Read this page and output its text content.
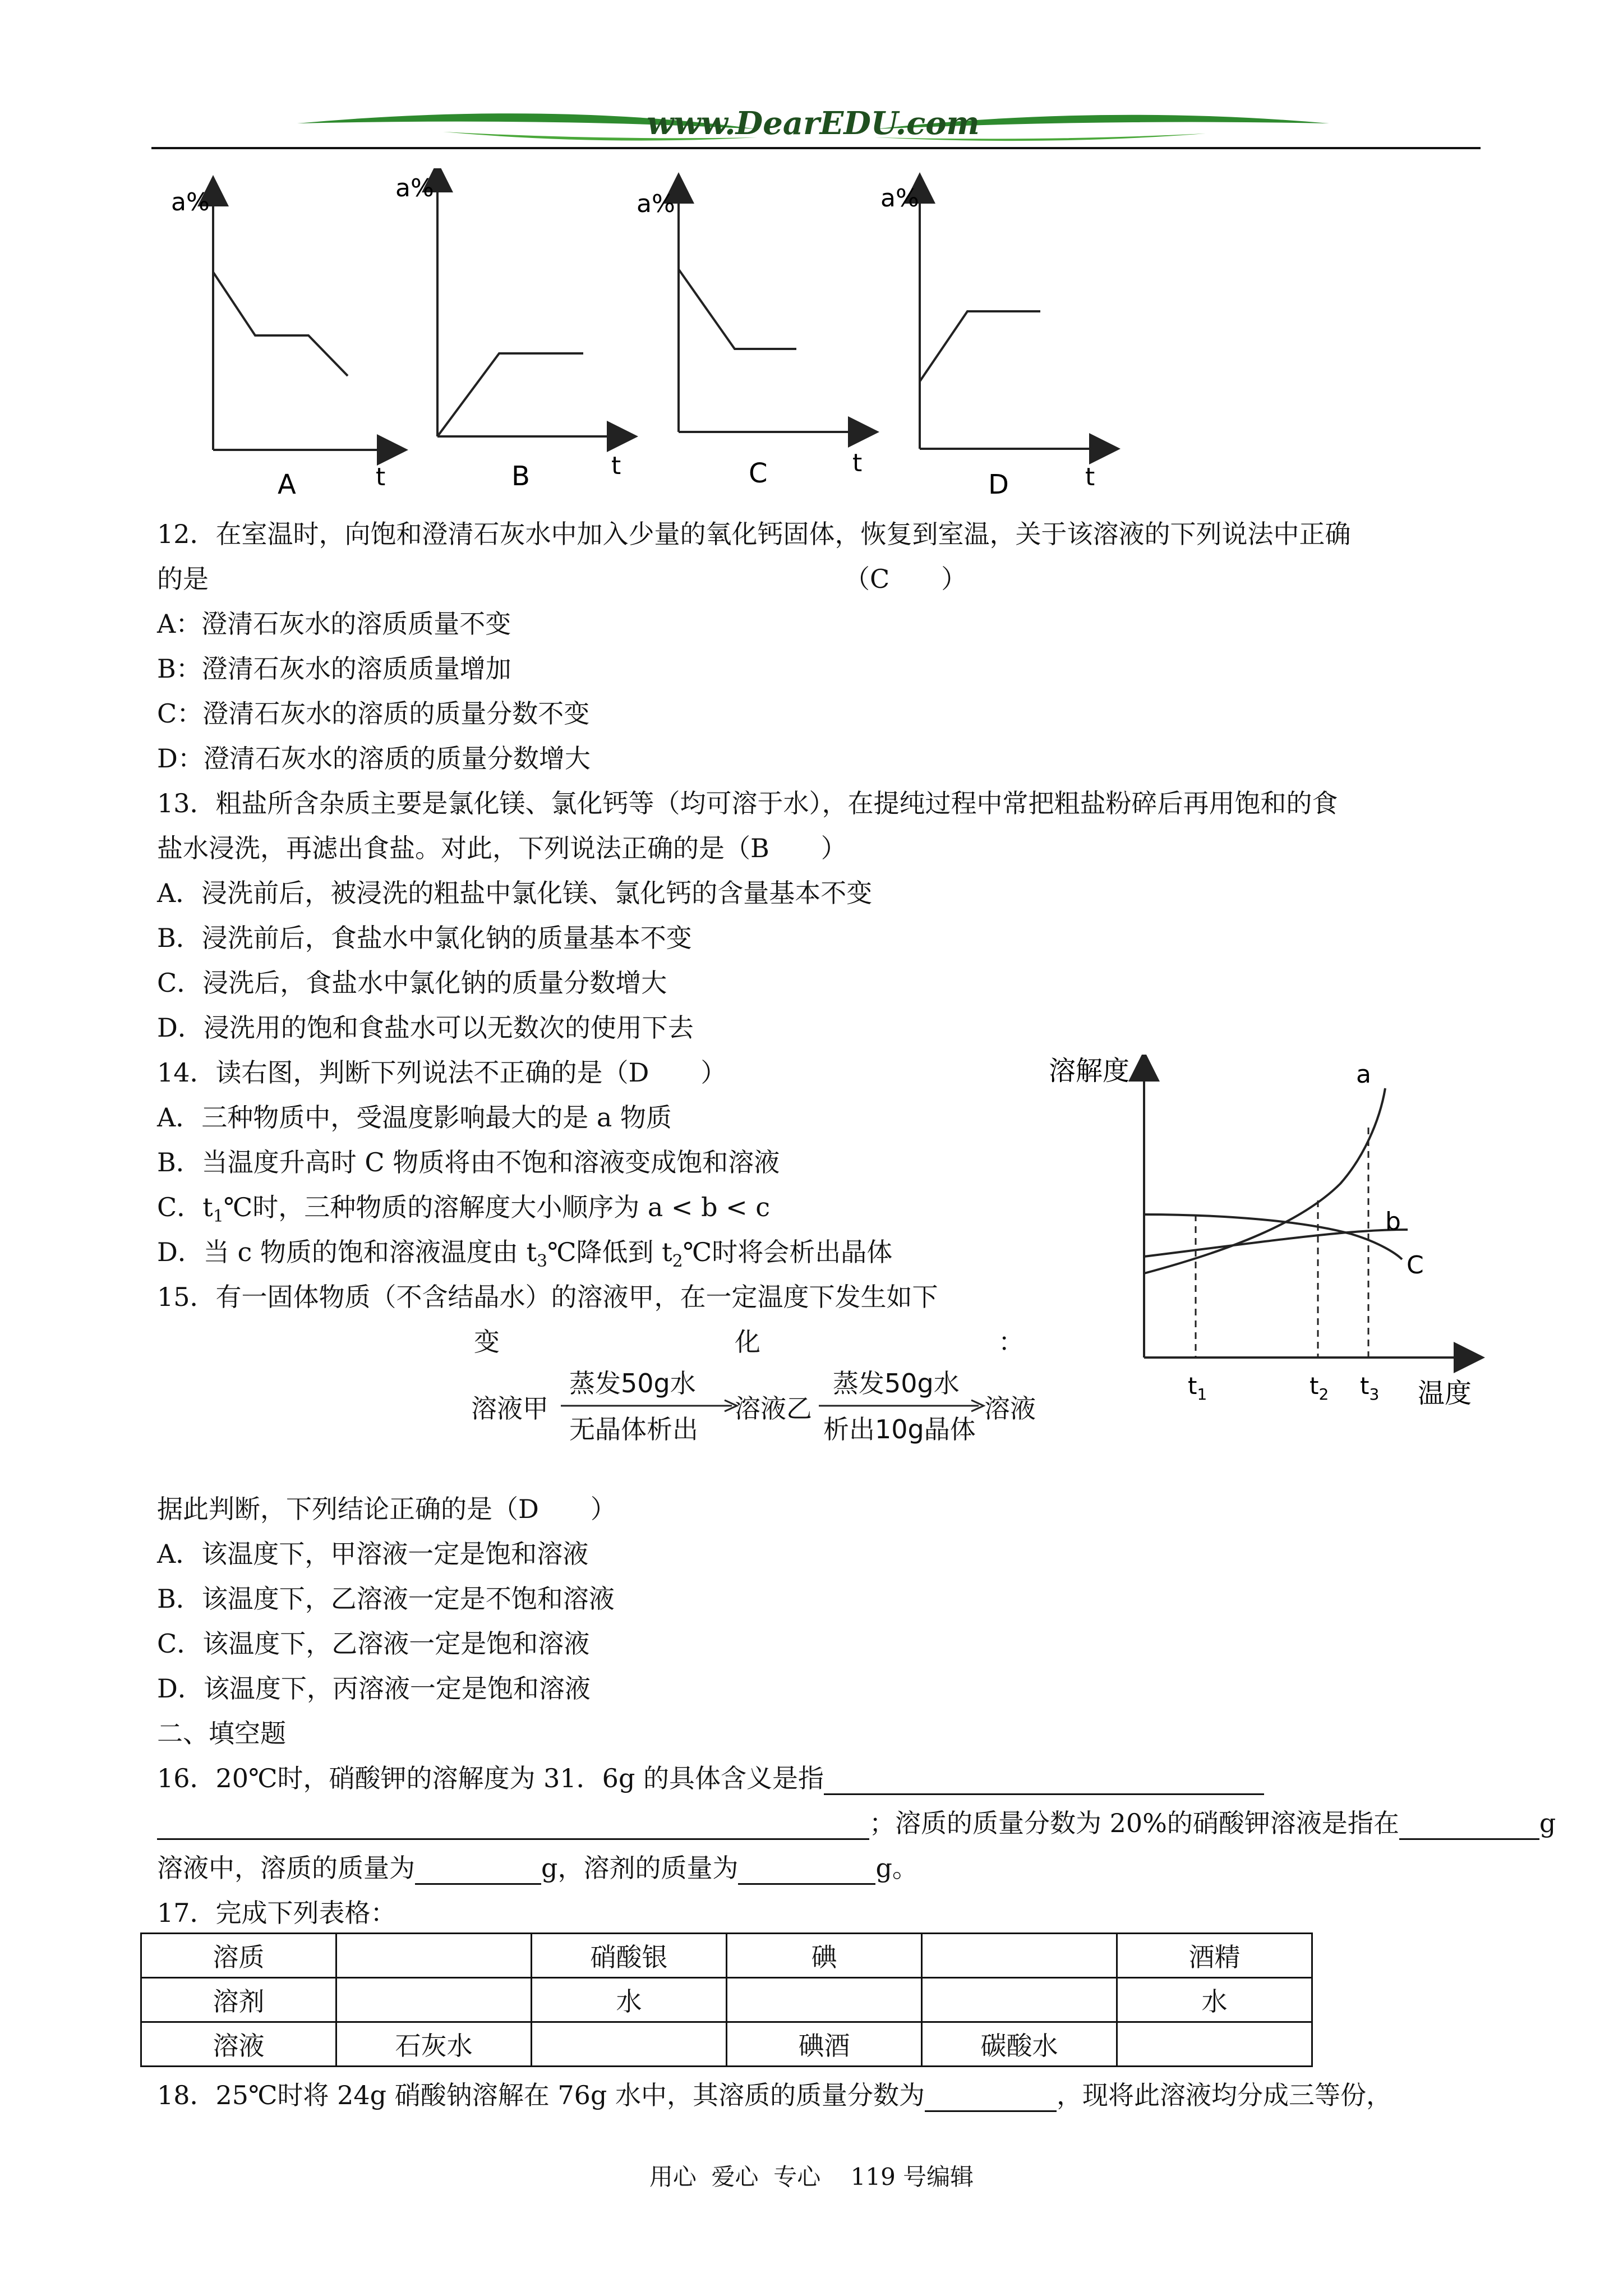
www.DearEDU.com
a%
t
A
a%
t
B
a%
t
C
a%
t
D
12．在室温时，向饱和澄清石灰水中加入少量的氧化钙固体，恢复到室温，关于该溶液的下列说法中正确
的是	（C　　）
A：澄清石灰水的溶质质量不变
B：澄清石灰水的溶质质量增加
C：澄清石灰水的溶质的质量分数不变
D：澄清石灰水的溶质的质量分数增大
13．粗盐所含杂质主要是氯化镁、氯化钙等（均可溶于水），在提纯过程中常把粗盐粉碎后再用饱和的食
盐水浸洗，再滤出食盐。对此，下列说法正确的是（B　　）
A．浸洗前后，被浸洗的粗盐中氯化镁、氯化钙的含量基本不变
B．浸洗前后，食盐水中氯化钠的质量基本不变
C．浸洗后，食盐水中氯化钠的质量分数增大
D．浸洗用的饱和食盐水可以无数次的使用下去
14．读右图，判断下列说法不正确的是（D　　）
A．三种物质中，受温度影响最大的是 a 物质
B．当温度升高时 C 物质将由不饱和溶液变成饱和溶液
C．$t_1℃$时，三种物质的溶解度大小顺序为 a < b < c
D．当 c 物质的饱和溶液温度由 $t_3℃$降低到 $t_2℃$时将会析出晶体
溶解度
温度
a
b
C
$t_1$	$t_2$ $t_3$
15．有一固体物质（不含结晶水）的溶液甲，在一定温度下发生如下
变	化	：
溶液甲
蒸发50g水
无晶体析出
溶液乙
蒸发50g水
析出10g晶体
溶液
据此判断，下列结论正确的是（D　　）
A．该温度下，甲溶液一定是饱和溶液
B．该温度下，乙溶液一定是不饱和溶液
C．该温度下，乙溶液一定是饱和溶液
D．该温度下，丙溶液一定是饱和溶液
二、填空题
16．20℃时，硝酸钾的溶解度为 31．6g 的具体含义是指
；溶质的质量分数为 20%的硝酸钾溶液是指在	g
溶液中，溶质的质量为	g，溶剂的质量为	g。
17．完成下列表格：
溶质		硝酸银	碘		酒精
溶剂		水			水
溶液	石灰水		碘酒	碳酸水	
18．25℃时将 24g 硝酸钠溶解在 76g 水中，其溶质的质量分数为	，现将此溶液均分成三等份，
用心  爱心  专心    119 号编辑
